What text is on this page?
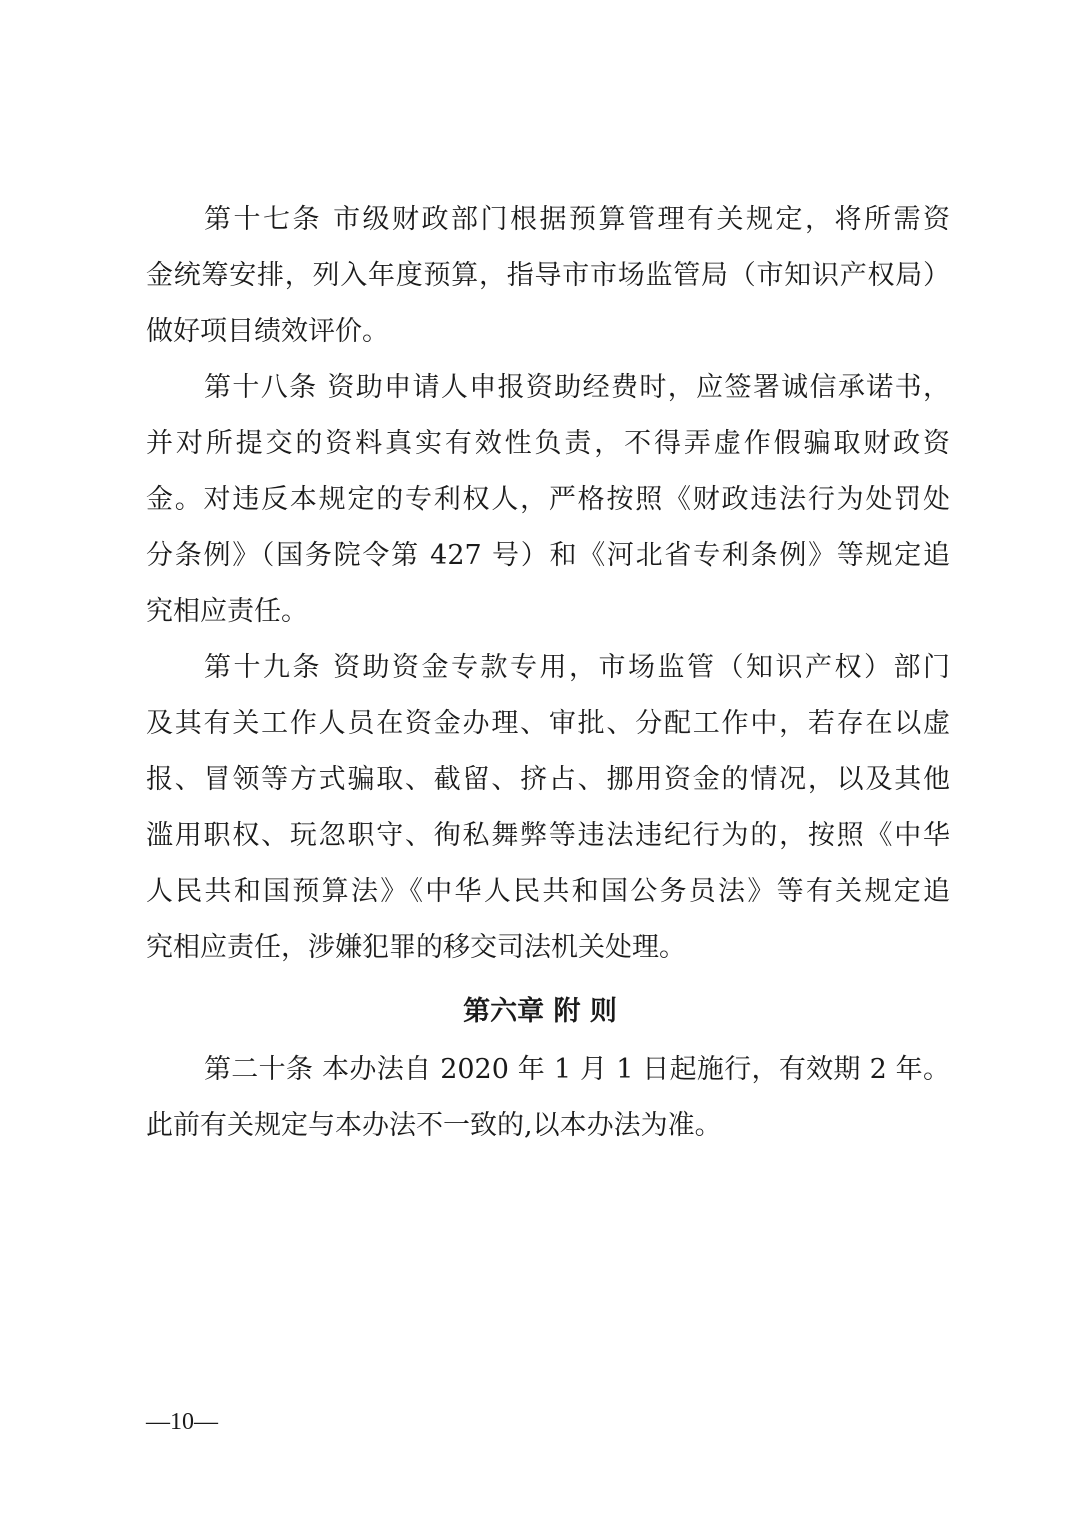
第十七条 市级财政部门根据预算管理有关规定，将所需资
金统筹安排，列入年度预算，指导市市场监管局（市知识产权局）
做好项目绩效评价。
第十八条 资助申请人申报资助经费时，应签署诚信承诺书，
并对所提交的资料真实有效性负责，不得弄虚作假骗取财政资
金。对违反本规定的专利权人，严格按照《财政违法行为处罚处
分条例》（国务院令第 427 号）和《河北省专利条例》等规定追
究相应责任。
第十九条 资助资金专款专用，市场监管（知识产权）部门
及其有关工作人员在资金办理、审批、分配工作中，若存在以虚
报、冒领等方式骗取、截留、挤占、挪用资金的情况，以及其他
滥用职权、玩忽职守、徇私舞弊等违法违纪行为的，按照《中华
人民共和国预算法》《中华人民共和国公务员法》等有关规定追
究相应责任，涉嫌犯罪的移交司法机关处理。
第六章 附 则
第二十条 本办法自 2020 年 1 月 1 日起施行，有效期 2 年。
此前有关规定与本办法不一致的,以本办法为准。
—10—
